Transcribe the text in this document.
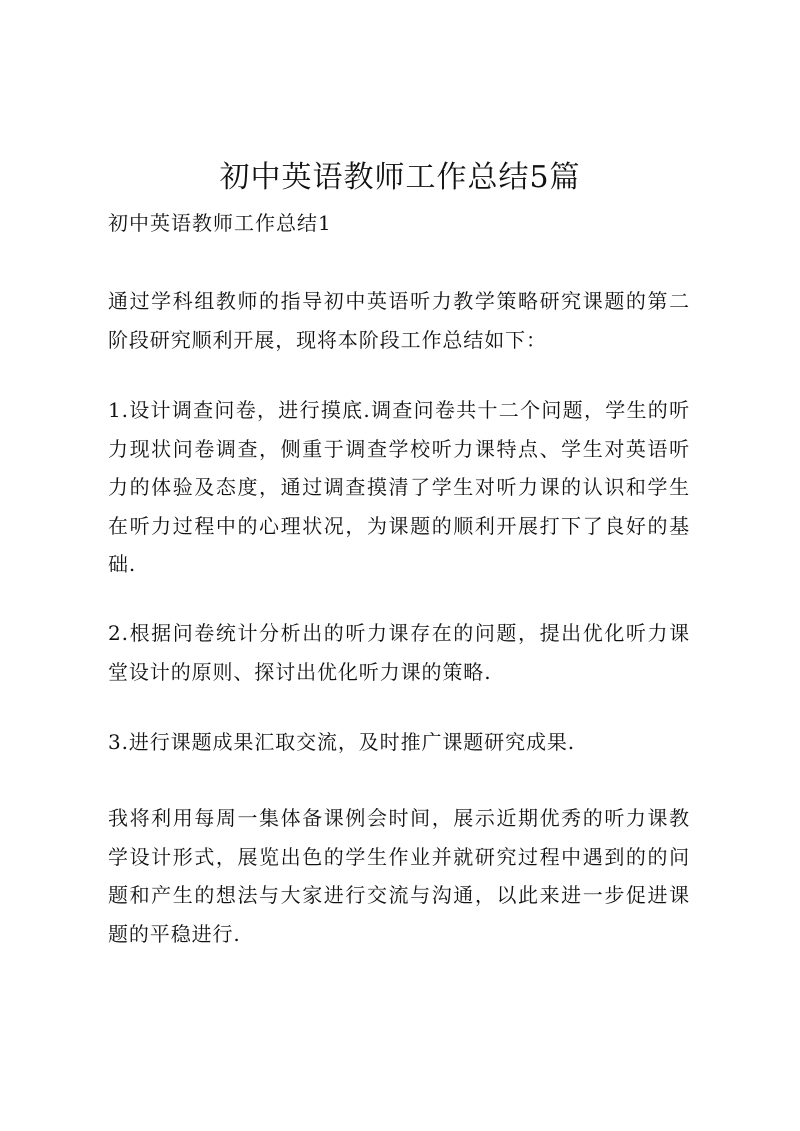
初中英语教师工作总结5篇

初中英语教师工作总结1

通过学科组教师的指导初中英语听力教学策略研究课题的第二阶段研究顺利开展，现将本阶段工作总结如下：

1.设计调查问卷，进行摸底.调查问卷共十二个问题，学生的听力现状问卷调查，侧重于调查学校听力课特点、学生对英语听力的体验及态度，通过调查摸清了学生对听力课的认识和学生在听力过程中的心理状况，为课题的顺利开展打下了良好的基础.

2.根据问卷统计分析出的听力课存在的问题，提出优化听力课堂设计的原则、探讨出优化听力课的策略.

3.进行课题成果汇取交流，及时推广课题研究成果.

我将利用每周一集体备课例会时间，展示近期优秀的听力课教学设计形式，展览出色的学生作业并就研究过程中遇到的的问题和产生的想法与大家进行交流与沟通，以此来进一步促进课题的平稳进行.
